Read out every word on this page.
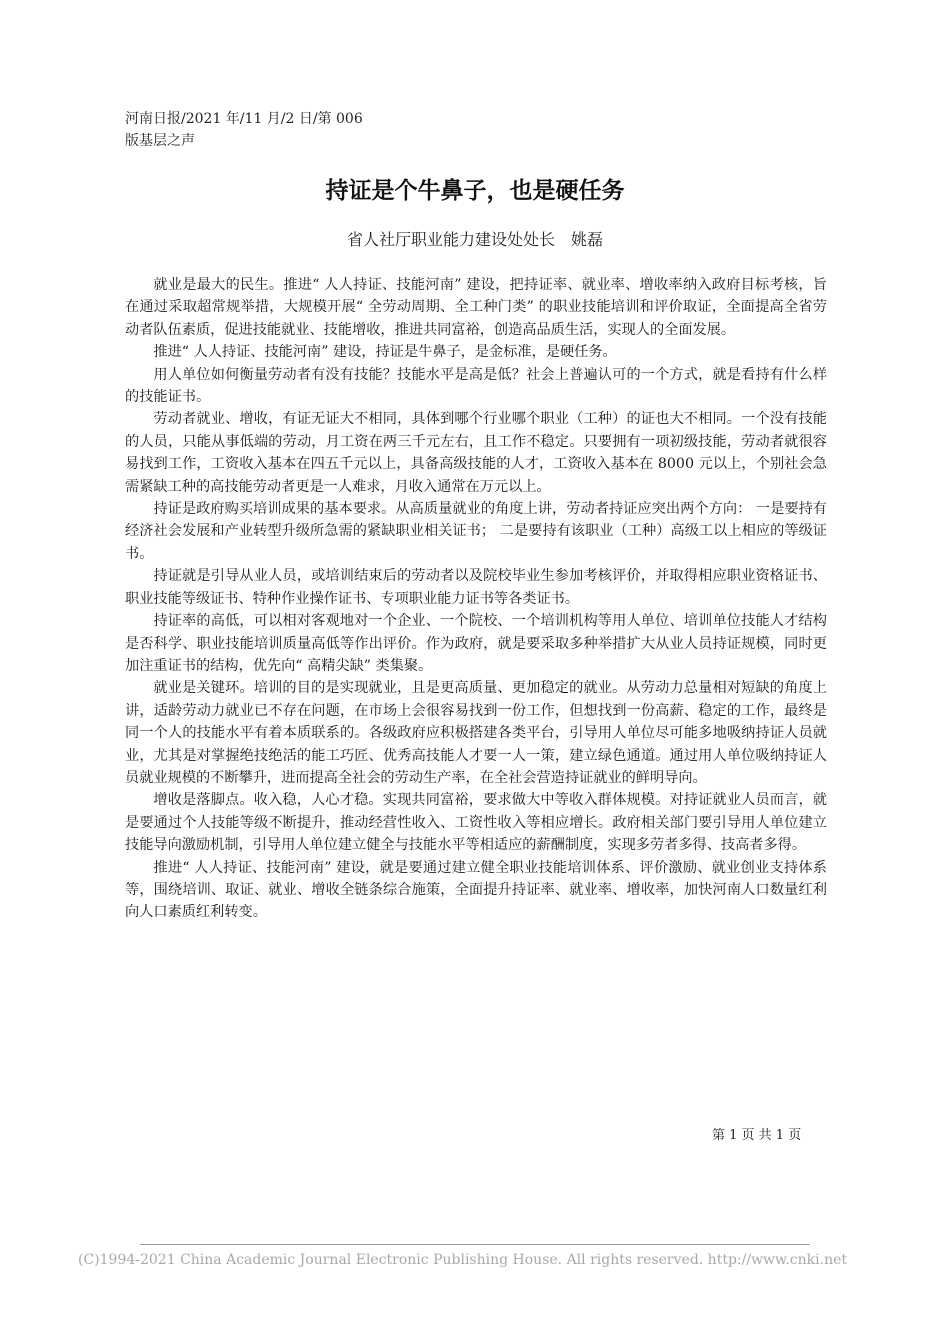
河南日报/2021 年/11 月/2 日/第 006
版基层之声
持证是个牛鼻子，也是硬任务
省人社厅职业能力建设处处长　姚磊

就业是最大的民生。推进“ 人人持证、技能河南” 建设，把持证率、就业率、增收率纳入政府目标考核，旨在通过采取超常规举措，大规模开展“ 全劳动周期、全工种门类” 的职业技能培训和评价取证，全面提高全省劳动者队伍素质，促进技能就业、技能增收，推进共同富裕，创造高品质生活，实现人的全面发展。

推进“ 人人持证、技能河南” 建设，持证是牛鼻子，是金标准，是硬任务。

用人单位如何衡量劳动者有没有技能？技能水平是高是低？社会上普遍认可的一个方式，就是看持有什么样的技能证书。

劳动者就业、增收，有证无证大不相同，具体到哪个行业哪个职业（工种）的证也大不相同。一个没有技能的人员，只能从事低端的劳动，月工资在两三千元左右，且工作不稳定。只要拥有一项初级技能，劳动者就很容易找到工作，工资收入基本在四五千元以上，具备高级技能的人才，工资收入基本在 8000 元以上，个别社会急需紧缺工种的高技能劳动者更是一人难求，月收入通常在万元以上。

持证是政府购买培训成果的基本要求。从高质量就业的角度上讲，劳动者持证应突出两个方向： 一是要持有经济社会发展和产业转型升级所急需的紧缺职业相关证书； 二是要持有该职业（工种）高级工以上相应的等级证书。

持证就是引导从业人员，或培训结束后的劳动者以及院校毕业生参加考核评价，并取得相应职业资格证书、职业技能等级证书、特种作业操作证书、专项职业能力证书等各类证书。

持证率的高低，可以相对客观地对一个企业、一个院校、一个培训机构等用人单位、培训单位技能人才结构是否科学、职业技能培训质量高低等作出评价。作为政府，就是要采取多种举措扩大从业人员持证规模，同时更加注重证书的结构，优先向“ 高精尖缺” 类集聚。

就业是关键环。培训的目的是实现就业，且是更高质量、更加稳定的就业。从劳动力总量相对短缺的角度上讲，适龄劳动力就业已不存在问题，在市场上会很容易找到一份工作，但想找到一份高薪、稳定的工作，最终是同一个人的技能水平有着本质联系的。各级政府应积极搭建各类平台，引导用人单位尽可能多地吸纳持证人员就业，尤其是对掌握绝技绝活的能工巧匠、优秀高技能人才要一人一策，建立绿色通道。通过用人单位吸纳持证人员就业规模的不断攀升，进而提高全社会的劳动生产率，在全社会营造持证就业的鲜明导向。

增收是落脚点。收入稳，人心才稳。实现共同富裕，要求做大中等收入群体规模。对持证就业人员而言，就是要通过个人技能等级不断提升，推动经营性收入、工资性收入等相应增长。政府相关部门要引导用人单位建立技能导向激励机制，引导用人单位建立健全与技能水平等相适应的薪酬制度，实现多劳者多得、技高者多得。

推进“ 人人持证、技能河南” 建设，就是要通过建立健全职业技能培训体系、评价激励、就业创业支持体系等，围绕培训、取证、就业、增收全链条综合施策，全面提升持证率、就业率、增收率，加快河南人口数量红利向人口素质红利转变。

第 1 页 共 1 页
(C)1994-2021 China Academic Journal Electronic Publishing House. All rights reserved. http://www.cnki.net
